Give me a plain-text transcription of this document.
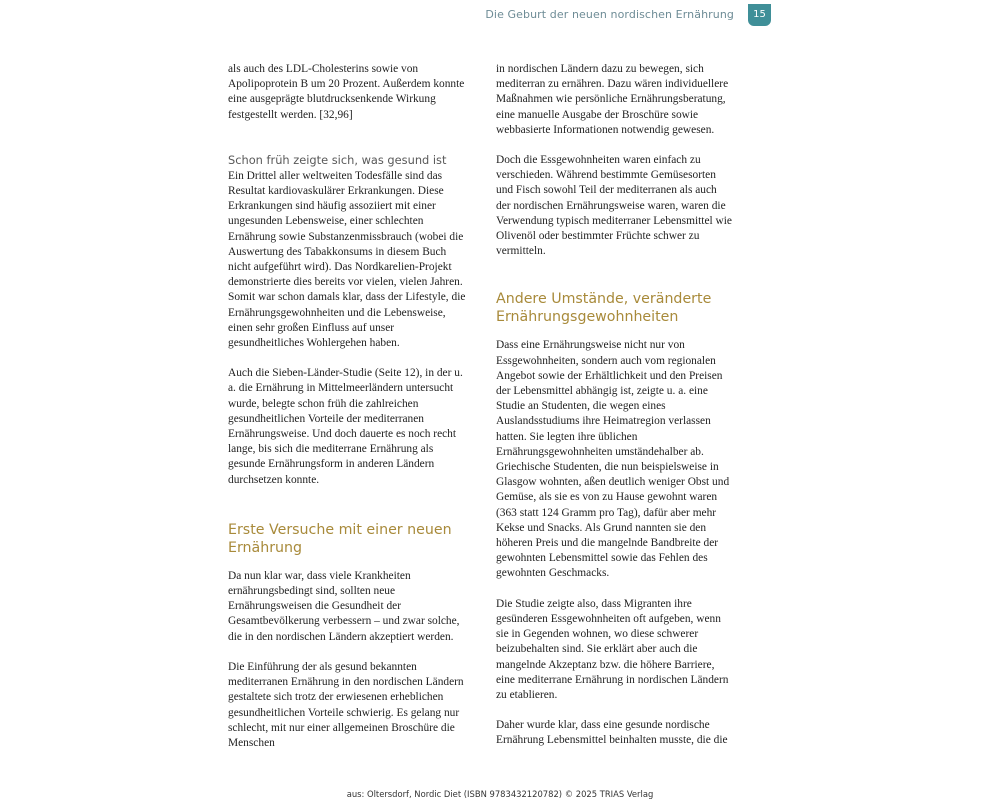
Die Geburt der neuen nordischen Ernährung	15

als auch des LDL-Cholesterins sowie von Apolipoprotein B um 20 Prozent. Außerdem konnte eine ausgeprägte blutdrucksenkende Wirkung festgestellt werden. [32,96]

Schon früh zeigte sich, was gesund ist

Ein Drittel aller weltweiten Todesfälle sind das Resultat kardiovaskulärer Erkrankungen. Diese Erkrankungen sind häufig assoziiert mit einer ungesunden Lebensweise, einer schlechten Ernährung sowie Substanzenmissbrauch (wobei die Auswertung des Tabakkonsums in diesem Buch nicht aufgeführt wird). Das Nordkarelien-Projekt demonstrierte dies bereits vor vielen, vielen Jahren. Somit war schon damals klar, dass der Lifestyle, die Ernährungsgewohnheiten und die Lebensweise, einen sehr großen Einfluss auf unser gesundheitliches Wohlergehen haben.

Auch die Sieben-Länder-Studie (Seite 12), in der u. a. die Ernährung in Mittelmeerländern untersucht wurde, belegte schon früh die zahlreichen gesundheitlichen Vorteile der mediterranen Ernährungsweise. Und doch dauerte es noch recht lange, bis sich die mediterrane Ernährung als gesunde Ernährungsform in anderen Ländern durchsetzen konnte.

Erste Versuche mit einer neuen Ernährung

Da nun klar war, dass viele Krankheiten ernährungsbedingt sind, sollten neue Ernährungsweisen die Gesundheit der Gesamtbevölkerung verbessern – und zwar solche, die in den nordischen Ländern akzeptiert werden.

Die Einführung der als gesund bekannten mediterranen Ernährung in den nordischen Ländern gestaltete sich trotz der erwiesenen erheblichen gesundheitlichen Vorteile schwierig. Es gelang nur schlecht, mit nur einer allgemeinen Broschüre die Menschen

in nordischen Ländern dazu zu bewegen, sich mediterran zu ernähren. Dazu wären individuellere Maßnahmen wie persönliche Ernährungsberatung, eine manuelle Ausgabe der Broschüre sowie webbasierte Informationen notwendig gewesen.

Doch die Essgewohnheiten waren einfach zu verschieden. Während bestimmte Gemüsesorten und Fisch sowohl Teil der mediterranen als auch der nordischen Ernährungsweise waren, waren die Verwendung typisch mediterraner Lebensmittel wie Olivenöl oder bestimmter Früchte schwer zu vermitteln.

Andere Umstände, veränderte Ernährungsgewohnheiten

Dass eine Ernährungsweise nicht nur von Essgewohnheiten, sondern auch vom regionalen Angebot sowie der Erhältlichkeit und den Preisen der Lebensmittel abhängig ist, zeigte u. a. eine Studie an Studenten, die wegen eines Auslandsstudiums ihre Heimatregion verlassen hatten. Sie legten ihre üblichen Ernährungsgewohnheiten umständehalber ab. Griechische Studenten, die nun beispielsweise in Glasgow wohnten, aßen deutlich weniger Obst und Gemüse, als sie es von zu Hause gewohnt waren (363 statt 124 Gramm pro Tag), dafür aber mehr Kekse und Snacks. Als Grund nannten sie den höheren Preis und die mangelnde Bandbreite der gewohnten Lebensmittel sowie das Fehlen des gewohnten Geschmacks.

Die Studie zeigte also, dass Migranten ihre gesünderen Essgewohnheiten oft aufgeben, wenn sie in Gegenden wohnen, wo diese schwerer beizubehalten sind. Sie erklärt aber auch die mangelnde Akzeptanz bzw. die höhere Barriere, eine mediterrane Ernährung in nordischen Ländern zu etablieren.

Daher wurde klar, dass eine gesunde nordische Ernährung Lebensmittel beinhalten musste, die die

aus: Oltersdorf, Nordic Diet (ISBN 9783432120782) © 2025 TRIAS Verlag
